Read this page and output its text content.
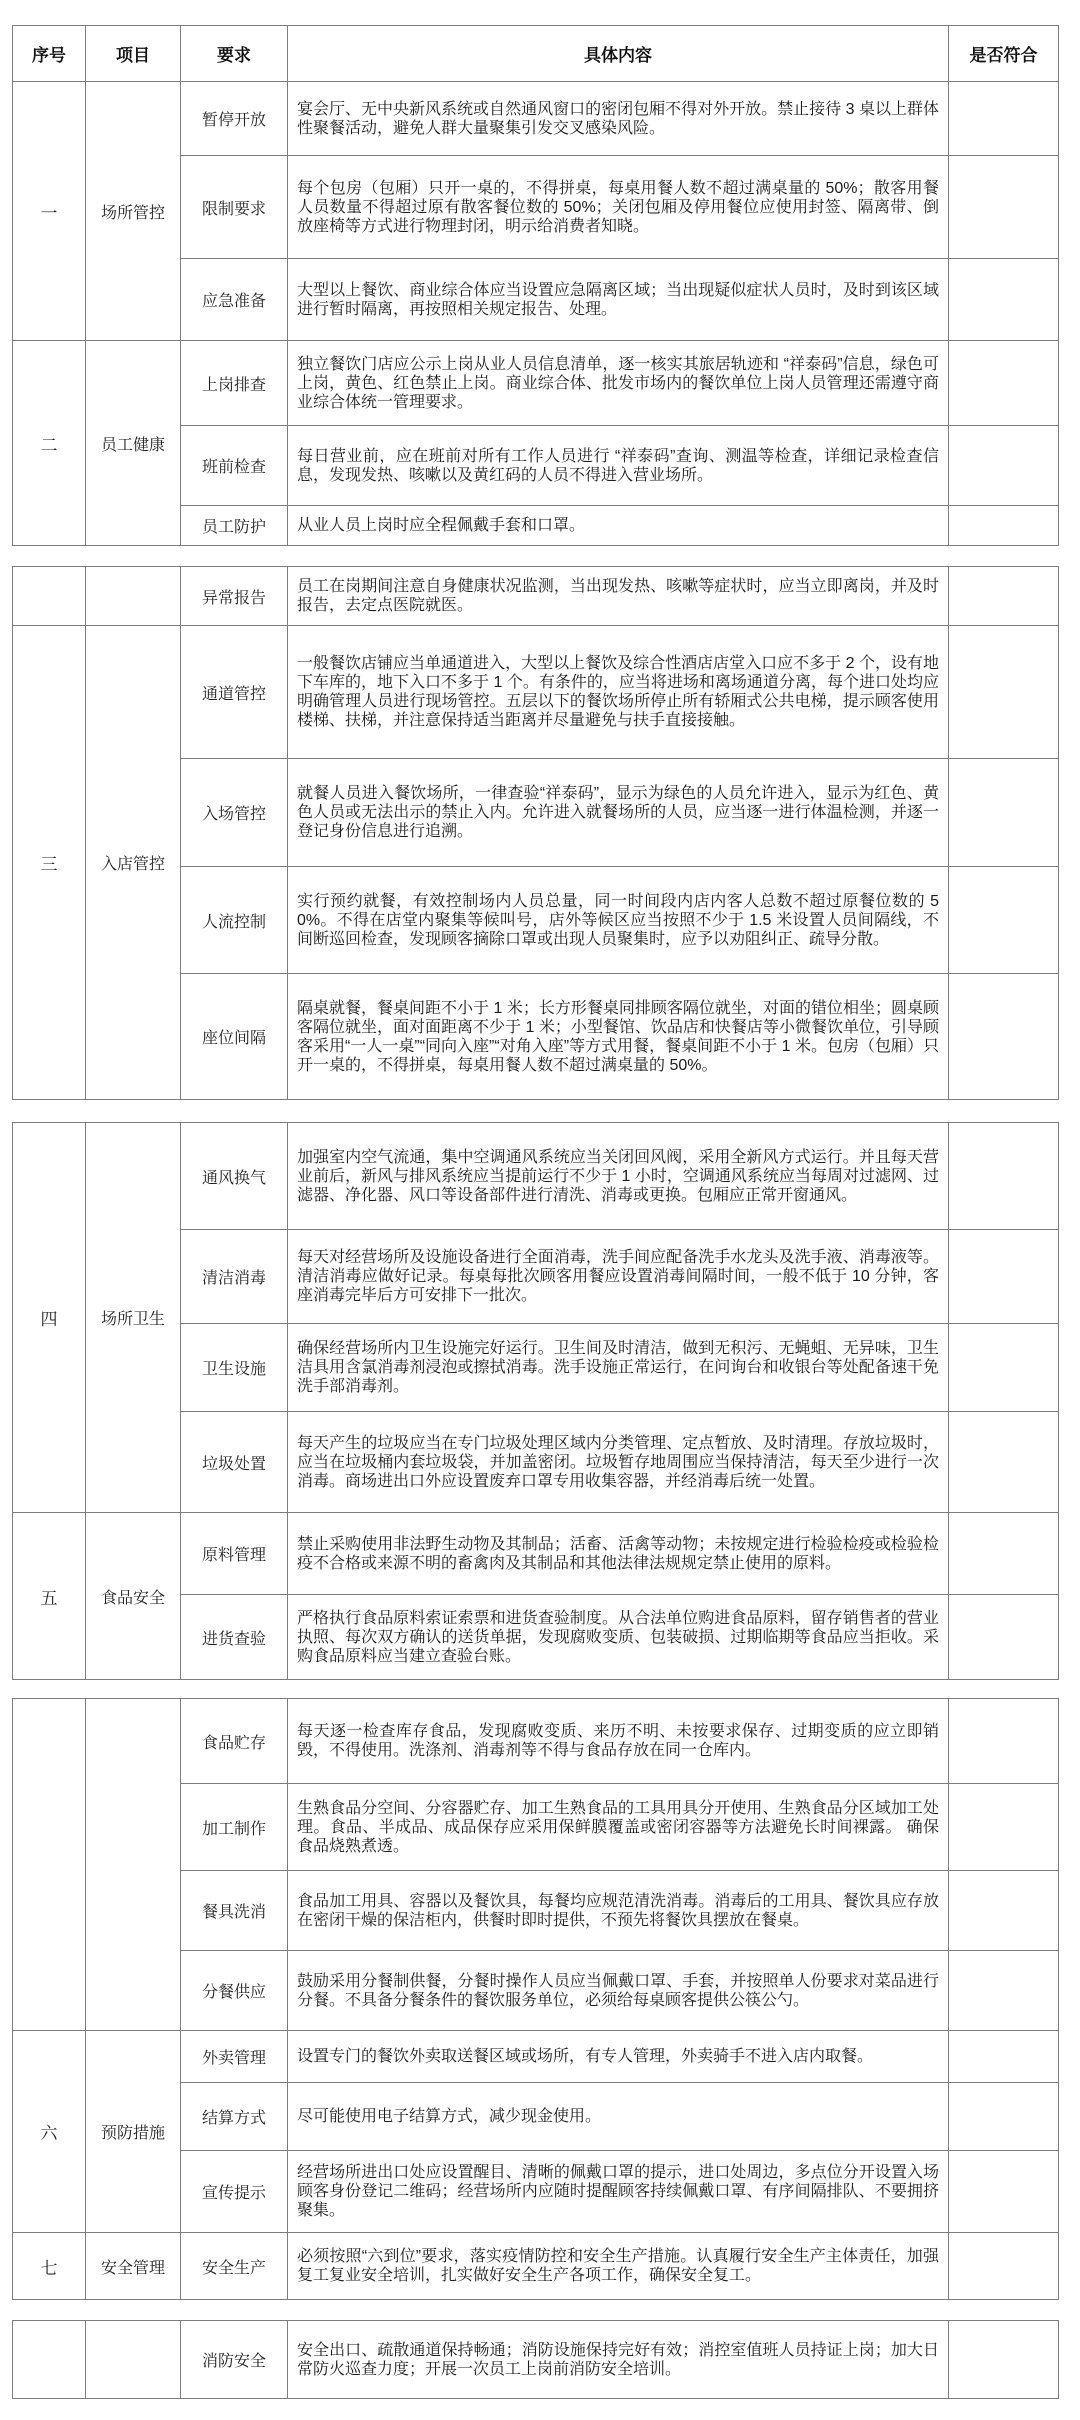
序号	项目	要求	具体内容	是否符合
一	场所管控	暂停开放	宴会厅、无中央新风系统或自然通风窗口的密闭包厢不得对外开放。禁止接待 3 桌以上群体性聚餐活动，避免人群大量聚集引发交叉感染风险。	
		限制要求	每个包房（包厢）只开一桌的，不得拼桌，每桌用餐人数不超过满桌量的 50%；散客用餐人员数量不得超过原有散客餐位数的 50%；关闭包厢及停用餐位应使用封签、隔离带、倒放座椅等方式进行物理封闭，明示给消费者知晓。	
		应急准备	大型以上餐饮、商业综合体应当设置应急隔离区域；当出现疑似症状人员时，及时到该区域进行暂时隔离，再按照相关规定报告、处理。	
二	员工健康	上岗排查	独立餐饮门店应公示上岗从业人员信息清单，逐一核实其旅居轨迹和 “祥泰码”信息，绿色可上岗，黄色、红色禁止上岗。商业综合体、批发市场内的餐饮单位上岗人员管理还需遵守商业综合体统一管理要求。	
		班前检查	每日营业前，应在班前对所有工作人员进行 “祥泰码”查询、测温等检查，详细记录检查信息，发现发热、咳嗽以及黄红码的人员不得进入营业场所。	
		员工防护	从业人员上岗时应全程佩戴手套和口罩。	
		异常报告	员工在岗期间注意自身健康状况监测，当出现发热、咳嗽等症状时，应当立即离岗，并及时报告，去定点医院就医。	
三	入店管控	通道管控	一般餐饮店铺应当单通道进入，大型以上餐饮及综合性酒店店堂入口应不多于 2 个，设有地下车库的，地下入口不多于 1 个。有条件的，应当将进场和离场通道分离，每个进口处均应明确管理人员进行现场管控。五层以下的餐饮场所停止所有轿厢式公共电梯，提示顾客使用楼梯、扶梯，并注意保持适当距离并尽量避免与扶手直接接触。	
		入场管控	就餐人员进入餐饮场所，一律查验“祥泰码”，显示为绿色的人员允许进入，显示为红色、黄色人员或无法出示的禁止入内。允许进入就餐场所的人员，应当逐一进行体温检测，并逐一登记身份信息进行追溯。	
		人流控制	实行预约就餐，有效控制场内人员总量，同一时间段内店内客人总数不超过原餐位数的 50%。不得在店堂内聚集等候叫号，店外等候区应当按照不少于 1.5 米设置人员间隔线，不间断巡回检查，发现顾客摘除口罩或出现人员聚集时，应予以劝阻纠正、疏导分散。	
		座位间隔	隔桌就餐，餐桌间距不小于 1 米；长方形餐桌同排顾客隔位就坐，对面的错位相坐；圆桌顾客隔位就坐，面对面距离不少于 1 米；小型餐馆、饮品店和快餐店等小微餐饮单位，引导顾客采用“一人一桌”“同向入座”“对角入座”等方式用餐，餐桌间距不小于 1 米。包房（包厢）只开一桌的，不得拼桌，每桌用餐人数不超过满桌量的 50%。	
四	场所卫生	通风换气	加强室内空气流通，集中空调通风系统应当关闭回风阀，采用全新风方式运行。并且每天营业前后，新风与排风系统应当提前运行不少于 1 小时，空调通风系统应当每周对过滤网、过滤器、净化器、风口等设备部件进行清洗、消毒或更换。包厢应正常开窗通风。	
		清洁消毒	每天对经营场所及设施设备进行全面消毒，洗手间应配备洗手水龙头及洗手液、消毒液等。清洁消毒应做好记录。每桌每批次顾客用餐应设置消毒间隔时间，一般不低于 10 分钟，客座消毒完毕后方可安排下一批次。	
		卫生设施	确保经营场所内卫生设施完好运行。卫生间及时清洁，做到无积污、无蝇蛆、无异味，卫生洁具用含氯消毒剂浸泡或擦拭消毒。洗手设施正常运行，在问询台和收银台等处配备速干免洗手部消毒剂。	
		垃圾处置	每天产生的垃圾应当在专门垃圾处理区域内分类管理、定点暂放、及时清理。存放垃圾时，应当在垃圾桶内套垃圾袋，并加盖密闭。垃圾暂存地周围应当保持清洁，每天至少进行一次消毒。商场进出口外应设置废弃口罩专用收集容器，并经消毒后统一处置。	
五	食品安全	原料管理	禁止采购使用非法野生动物及其制品；活畜、活禽等动物；未按规定进行检验检疫或检验检疫不合格或来源不明的畜禽肉及其制品和其他法律法规规定禁止使用的原料。	
		进货查验	严格执行食品原料索证索票和进货查验制度。从合法单位购进食品原料，留存销售者的营业执照、每次双方确认的送货单据，发现腐败变质、包装破损、过期临期等食品应当拒收。采购食品原料应当建立查验台账。	
		食品贮存	每天逐一检查库存食品，发现腐败变质、来历不明、未按要求保存、过期变质的应立即销毁，不得使用。洗涤剂、消毒剂等不得与食品存放在同一仓库内。	
		加工制作	生熟食品分空间、分容器贮存、加工生熟食品的工具用具分开使用、生熟食品分区域加工处理。食品、半成品、成品保存应采用保鲜膜覆盖或密闭容器等方法避免长时间裸露。 确保食品烧熟煮透。	
		餐具洗消	食品加工用具、容器以及餐饮具，每餐均应规范清洗消毒。消毒后的工用具、餐饮具应存放在密闭干燥的保洁柜内，供餐时即时提供，不预先将餐饮具摆放在餐桌。	
		分餐供应	鼓励采用分餐制供餐，分餐时操作人员应当佩戴口罩、手套，并按照单人份要求对菜品进行分餐。不具备分餐条件的餐饮服务单位，必须给每桌顾客提供公筷公勺。	
六	预防措施	外卖管理	设置专门的餐饮外卖取送餐区域或场所，有专人管理，外卖骑手不进入店内取餐。	
		结算方式	尽可能使用电子结算方式，减少现金使用。	
		宣传提示	经营场所进出口处应设置醒目、清晰的佩戴口罩的提示，进口处周边，多点位分开设置入场顾客身份登记二维码；经营场所内应随时提醒顾客持续佩戴口罩、有序间隔排队、不要拥挤聚集。	
七	安全管理	安全生产	必须按照“六到位”要求，落实疫情防控和安全生产措施。认真履行安全生产主体责任，加强复工复业安全培训，扎实做好安全生产各项工作，确保安全复工。	
		消防安全	安全出口、疏散通道保持畅通；消防设施保持完好有效；消控室值班人员持证上岗；加大日常防火巡查力度；开展一次员工上岗前消防安全培训。	
